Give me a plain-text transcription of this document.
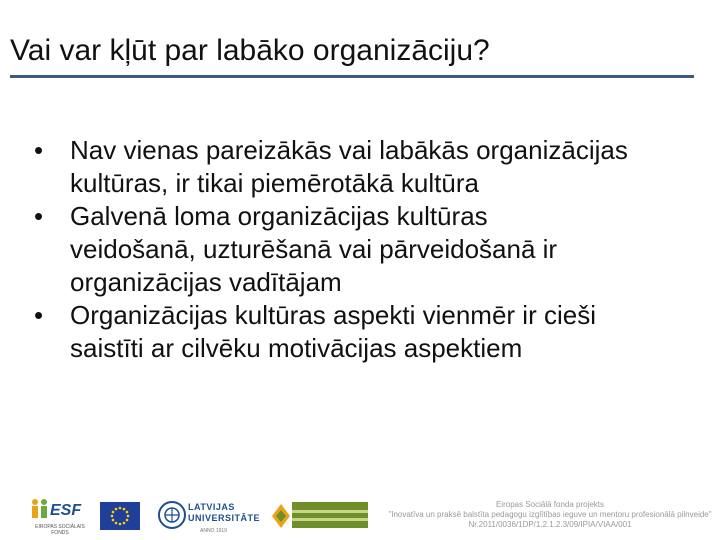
Vai var kļūt par labāko organizāciju?
• Nav vienas pareizākās vai labākās organizācijas
kultūras, ir tikai piemērotākā kultūra
• Galvenā loma organizācijas kultūras
veidošanā, uzturēšanā vai pārveidošanā ir
organizācijas vadītājam
• Organizācijas kultūras aspekti vienmēr ir cieši
saistīti ar cilvēku motivācijas aspektiem
ESF
EIROPAS SOCIĀLAIS FONDS
LATVIJAS
UNIVERSITĀTE
ANNO 1919
Eiropas Sociālā fonda projekts
"Inovatīva un praksē balstīta pedagogu izglītības ieguve un mentoru profesionālā pilnveide"
Nr.2011/0036/1DP/1.2.1.2.3/09/IPIA/VIAA/001
